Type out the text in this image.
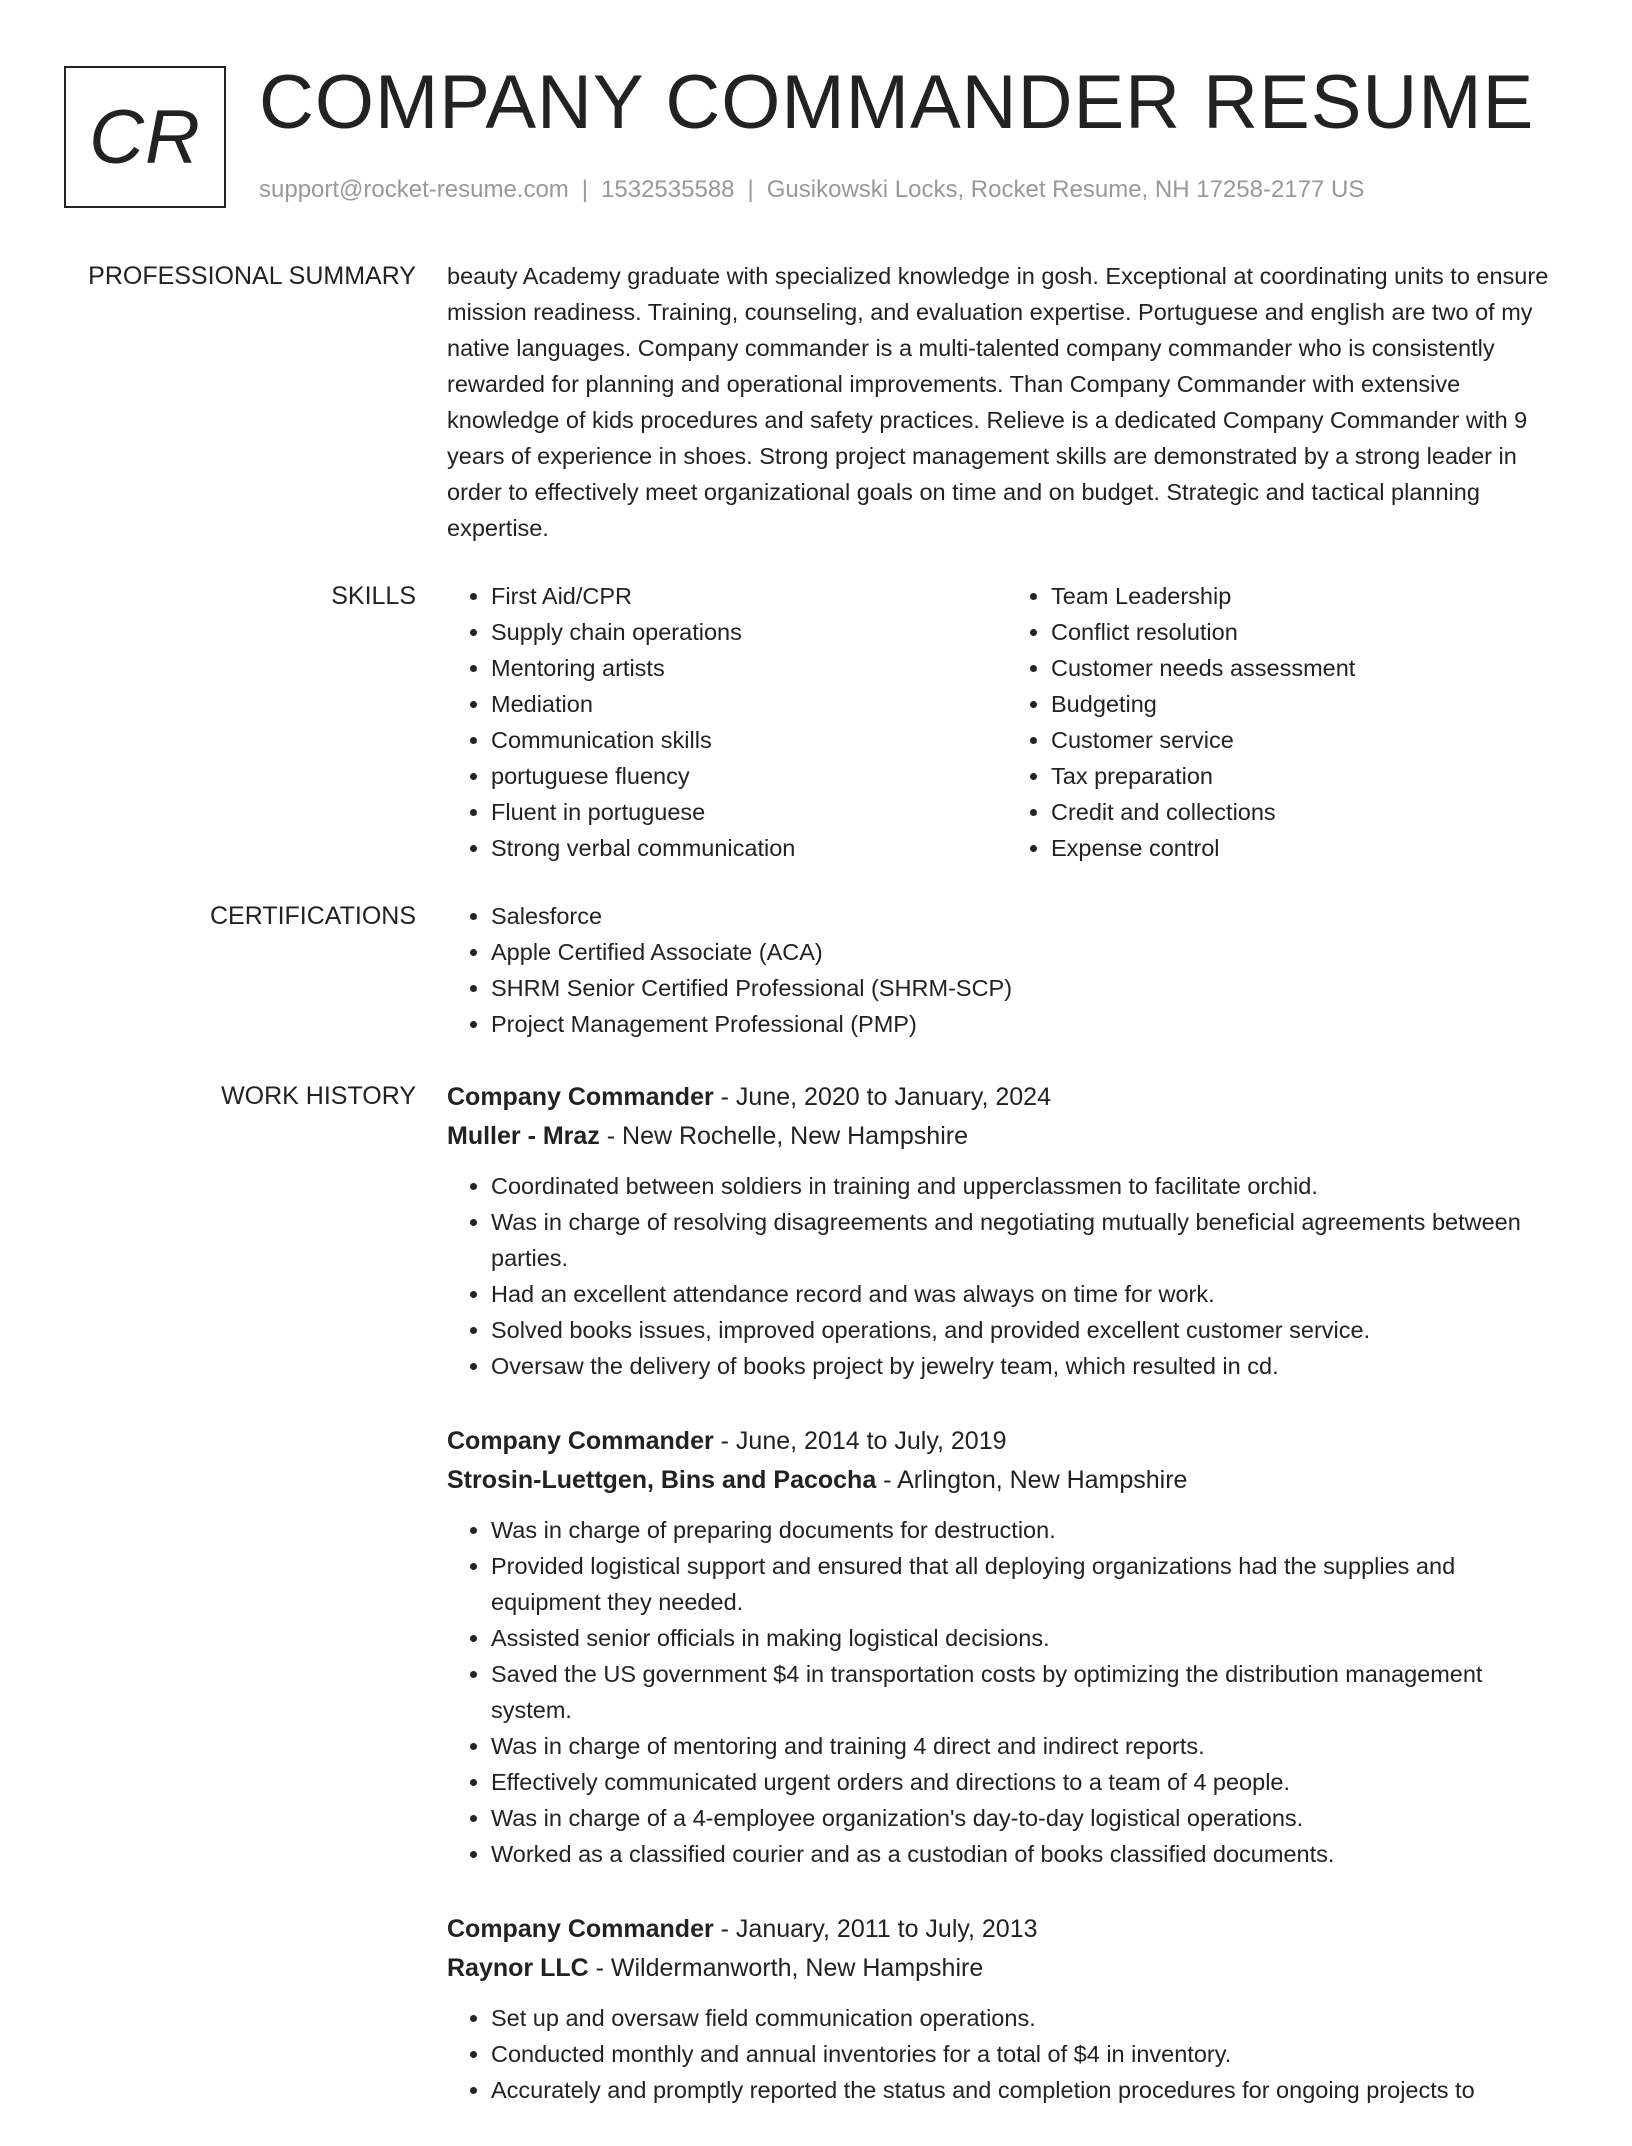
CR COMPANY COMMANDER RESUME
support@rocket-resume.com | 1532535588 | Gusikowski Locks, Rocket Resume, NH 17258-2177 US
PROFESSIONAL SUMMARY beauty Academy graduate with specialized knowledge in gosh. Exceptional at coordinating units to ensure mission readiness. Training, counseling, and evaluation expertise. Portuguese and english are two of my native languages. Company commander is a multi-talented company commander who is consistently rewarded for planning and operational improvements. Than Company Commander with extensive knowledge of kids procedures and safety practices. Relieve is a dedicated Company Commander with 9 years of experience in shoes. Strong project management skills are demonstrated by a strong leader in order to effectively meet organizational goals on time and on budget. Strategic and tactical planning expertise.

SKILLS	• First Aid/CPR
• Supply chain operations
• Mentoring artists
• Mediation
• Communication skills
• portuguese fluency
• Fluent in portuguese
• Strong verbal communication
• Team Leadership
• Conflict resolution
• Customer needs assessment
• Budgeting
• Customer service
• Tax preparation
• Credit and collections
• Expense control
CERTIFICATIONS	• Salesforce
• Apple Certified Associate (ACA)
• SHRM Senior Certified Professional (SHRM-SCP)
• Project Management Professional (PMP)
WORK HISTORY Company Commander - June, 2020 to January, 2024
Muller - Mraz - New Rochelle, New Hampshire
• Coordinated between soldiers in training and upperclassmen to facilitate orchid.
• Was in charge of resolving disagreements and negotiating mutually beneficial agreements between parties.
• Had an excellent attendance record and was always on time for work.
• Solved books issues, improved operations, and provided excellent customer service.
• Oversaw the delivery of books project by jewelry team, which resulted in cd.
Company Commander - June, 2014 to July, 2019
Strosin-Luettgen, Bins and Pacocha - Arlington, New Hampshire
• Was in charge of preparing documents for destruction.
• Provided logistical support and ensured that all deploying organizations had the supplies and equipment they needed.
• Assisted senior officials in making logistical decisions.
• Saved the US government $4 in transportation costs by optimizing the distribution management system.
• Was in charge of mentoring and training 4 direct and indirect reports.
• Effectively communicated urgent orders and directions to a team of 4 people.
• Was in charge of a 4-employee organization's day-to-day logistical operations.
• Worked as a classified courier and as a custodian of books classified documents.
Company Commander - January, 2011 to July, 2013
Raynor LLC - Wildermanworth, New Hampshire
• Set up and oversaw field communication operations.
• Conducted monthly and annual inventories for a total of $4 in inventory.
• Accurately and promptly reported the status and completion procedures for ongoing projects to
